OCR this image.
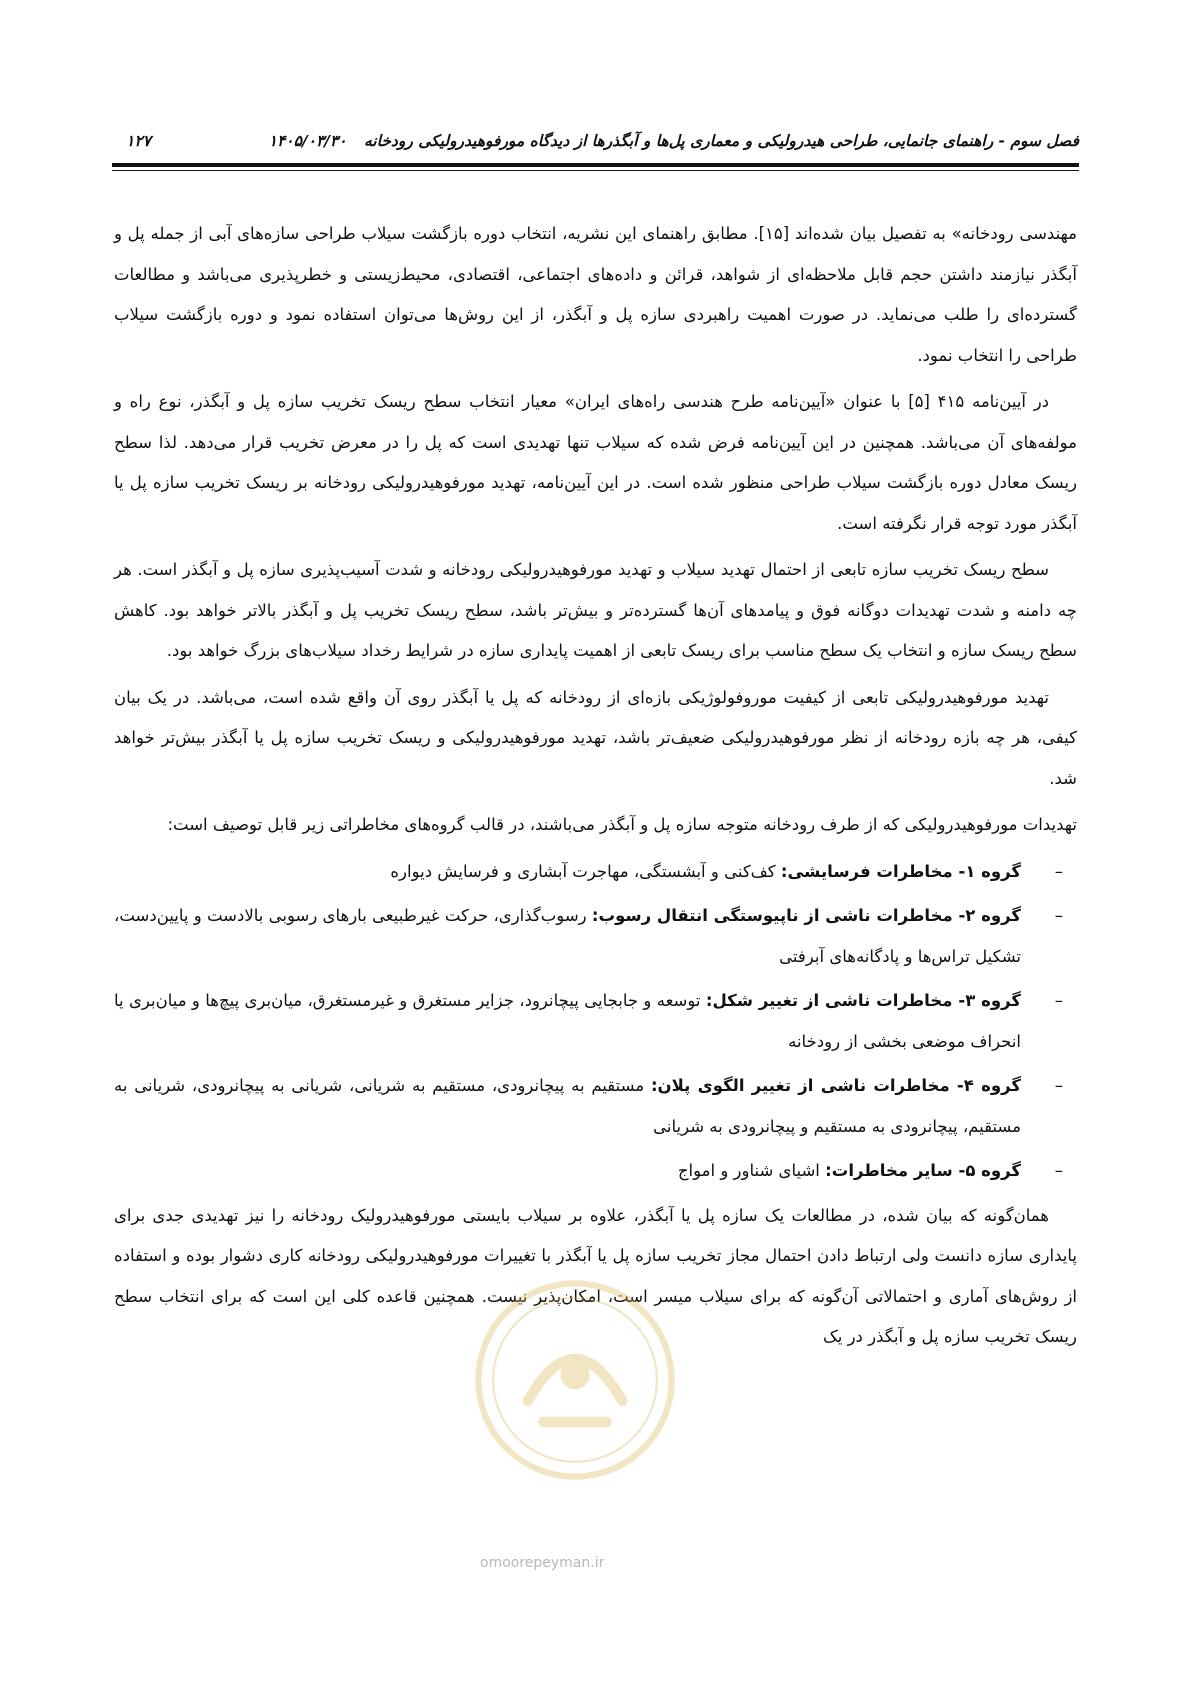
فصل سوم - راهنمای جانمایی، طراحی هیدرولیکی و معماری پل‌ها و آبگذرها از دیدگاه مورفوهیدرولیکی رودخانه ۱۴۰۵/۰۳/۳۰
۱۲۷

مهندسی رودخانه» به تفصیل بیان شده‌اند [۱۵]. مطابق راهنمای این نشریه، انتخاب دوره بازگشت سیلاب طراحی سازه‌های آبی از جمله پل و آبگذر نیازمند داشتن حجم قابل ملاحظه‌ای از شواهد، قرائن و داده‌های اجتماعی، اقتصادی، محیط‌زیستی و خطرپذیری می‌باشد و مطالعات گسترده‌ای را طلب می‌نماید. در صورت اهمیت راهبردی سازه پل و آبگذر، از این روش‌ها می‌توان استفاده نمود و دوره بازگشت سیلاب طراحی را انتخاب نمود.

در آیین‌نامه ۴۱۵ [۵] با عنوان «آیین‌نامه طرح هندسی راه‌های ایران» معیار انتخاب سطح ریسک تخریب سازه پل و آبگذر، نوع راه و مولفه‌های آن می‌باشد. همچنین در این آیین‌نامه فرض شده که سیلاب تنها تهدیدی است که پل را در معرض تخریب قرار می‌دهد. لذا سطح ریسک معادل دوره بازگشت سیلاب طراحی منظور شده است. در این آیین‌نامه، تهدید مورفوهیدرولیکی رودخانه بر ریسک تخریب سازه پل یا آبگذر مورد توجه قرار نگرفته است.

سطح ریسک تخریب سازه تابعی از احتمال تهدید سیلاب و تهدید مورفوهیدرولیکی رودخانه و شدت آسیب‌پذیری سازه پل و آبگذر است. هر چه دامنه و شدت تهدیدات دوگانه فوق و پیامدهای آن‌ها گسترده‌تر و بیش‌تر باشد، سطح ریسک تخریب پل و آبگذر بالاتر خواهد بود. کاهش سطح ریسک سازه و انتخاب یک سطح مناسب برای ریسک تابعی از اهمیت پایداری سازه در شرایط رخداد سیلاب‌های بزرگ خواهد بود.

تهدید مورفوهیدرولیکی تابعی از کیفیت موروفولوژیکی بازه‌ای از رودخانه که پل یا آبگذر روی آن واقع شده است، می‌باشد. در یک بیان کیفی، هر چه بازه رودخانه از نظر مورفوهیدرولیکی ضعیف‌تر باشد، تهدید مورفوهیدرولیکی و ریسک تخریب سازه پل یا آبگذر بیش‌تر خواهد شد.

تهدیدات مورفوهیدرولیکی که از طرف رودخانه متوجه سازه پل و آبگذر می‌باشند، در قالب گروه‌های مخاطراتی زیر قابل توصیف است:

–
گروه ۱- مخاطرات فرسایشی: کف‌کنی و آبشستگی، مهاجرت آبشاری و فرسایش دیواره
–
گروه ۲- مخاطرات ناشی از ناپیوستگی انتقال رسوب: رسوب‌گذاری، حرکت غیرطبیعی بارهای رسوبی بالادست و پایین‌دست، تشکیل تراس‌ها و پادگانه‌های آبرفتی
–
گروه ۳- مخاطرات ناشی از تغییر شکل: توسعه و جابجایی پیچانرود، جزایر مستغرق و غیرمستغرق، میان‌بری پیچ‌ها و میان‌بری یا انحراف موضعی بخشی از رودخانه
–
گروه ۴- مخاطرات ناشی از تغییر الگوی پلان: مستقیم به پیچانرودی، مستقیم به شریانی، شریانی به پیچانرودی، شریانی به مستقیم، پیچانرودی به مستقیم و پیچانرودی به شریانی
–
گروه ۵- سایر مخاطرات: اشیای شناور و امواج

همان‌گونه که بیان شده، در مطالعات یک سازه پل یا آبگذر، علاوه بر سیلاب بایستی مورفوهیدرولیک رودخانه را نیز تهدیدی جدی برای پایداری سازه دانست ولی ارتباط دادن احتمال مجاز تخریب سازه پل یا آبگذر با تغییرات مورفوهیدرولیکی رودخانه کاری دشوار بوده و استفاده از روش‌های آماری و احتمالاتی آن‌گونه که برای سیلاب میسر است، امکان‌پذیر نیست. همچنین قاعده کلی این است که برای انتخاب سطح ریسک تخریب سازه پل و آبگذر در یک

omoorepeyman.ir
